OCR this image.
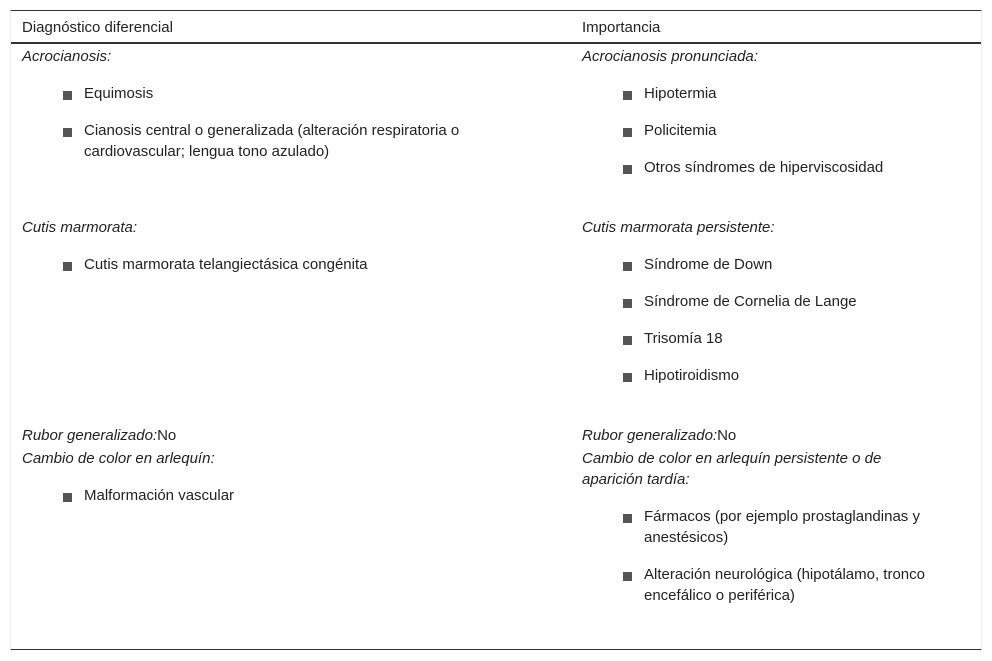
Diagnóstico diferencial	Importancia
Acrocianosis:
Equimosis
Cianosis central o generalizada (alteración respiratoria o cardiovascular; lengua tono azulado)
Cutis marmorata:
Cutis marmorata telangiectásica congénita
Rubor generalizado:No
Cambio de color en arlequín:
Malformación vascular
Acrocianosis pronunciada:
Hipotermia
Policitemia
Otros síndromes de hiperviscosidad
Cutis marmorata persistente:
Síndrome de Down
Síndrome de Cornelia de Lange
Trisomía 18
Hipotiroidismo
Rubor generalizado:No
Cambio de color en arlequín persistente o de aparición tardía:
Fármacos (por ejemplo prostaglandinas y anestésicos)
Alteración neurológica (hipotálamo, tronco encefálico o periférica)
